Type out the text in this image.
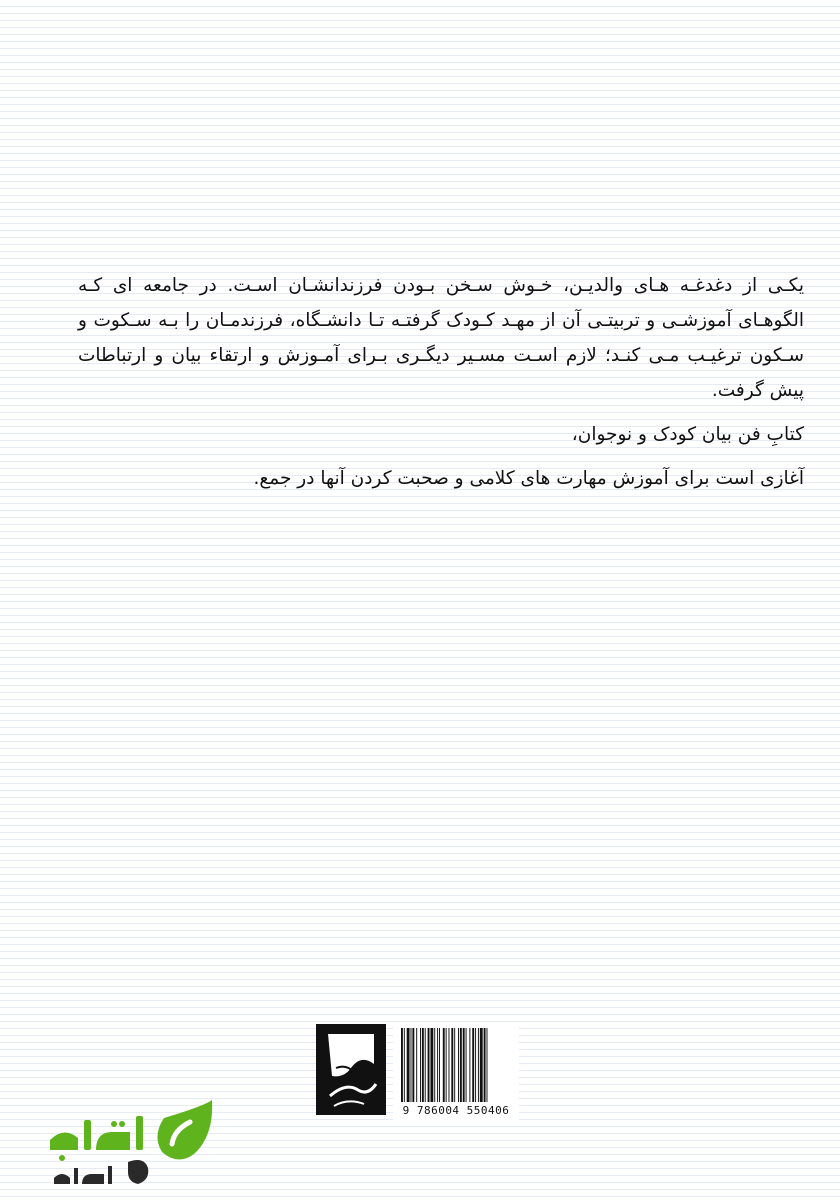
یکـی از دغدغـه هـای والدیـن، خـوش سـخن بـودن فرزندانشـان اسـت. در جامعه ای کـه الگوهـای آموزشـی و تربیتـی آن از مهـد کـودک گرفتـه تـا دانشـگاه، فرزندمـان را بـه سـکوت و سـکون ترغیـب مـی کنـد؛ لازم اسـت مسـیر دیگـری بـرای آمـوزش و ارتقاء بیان و ارتباطات پیش گرفت.

کتابِ فن بیان کودک و نوجوان،

آغازی است برای آموزش مهارت های کلامی و صحبت کردن آنها در جمع.

9 786004 550406
